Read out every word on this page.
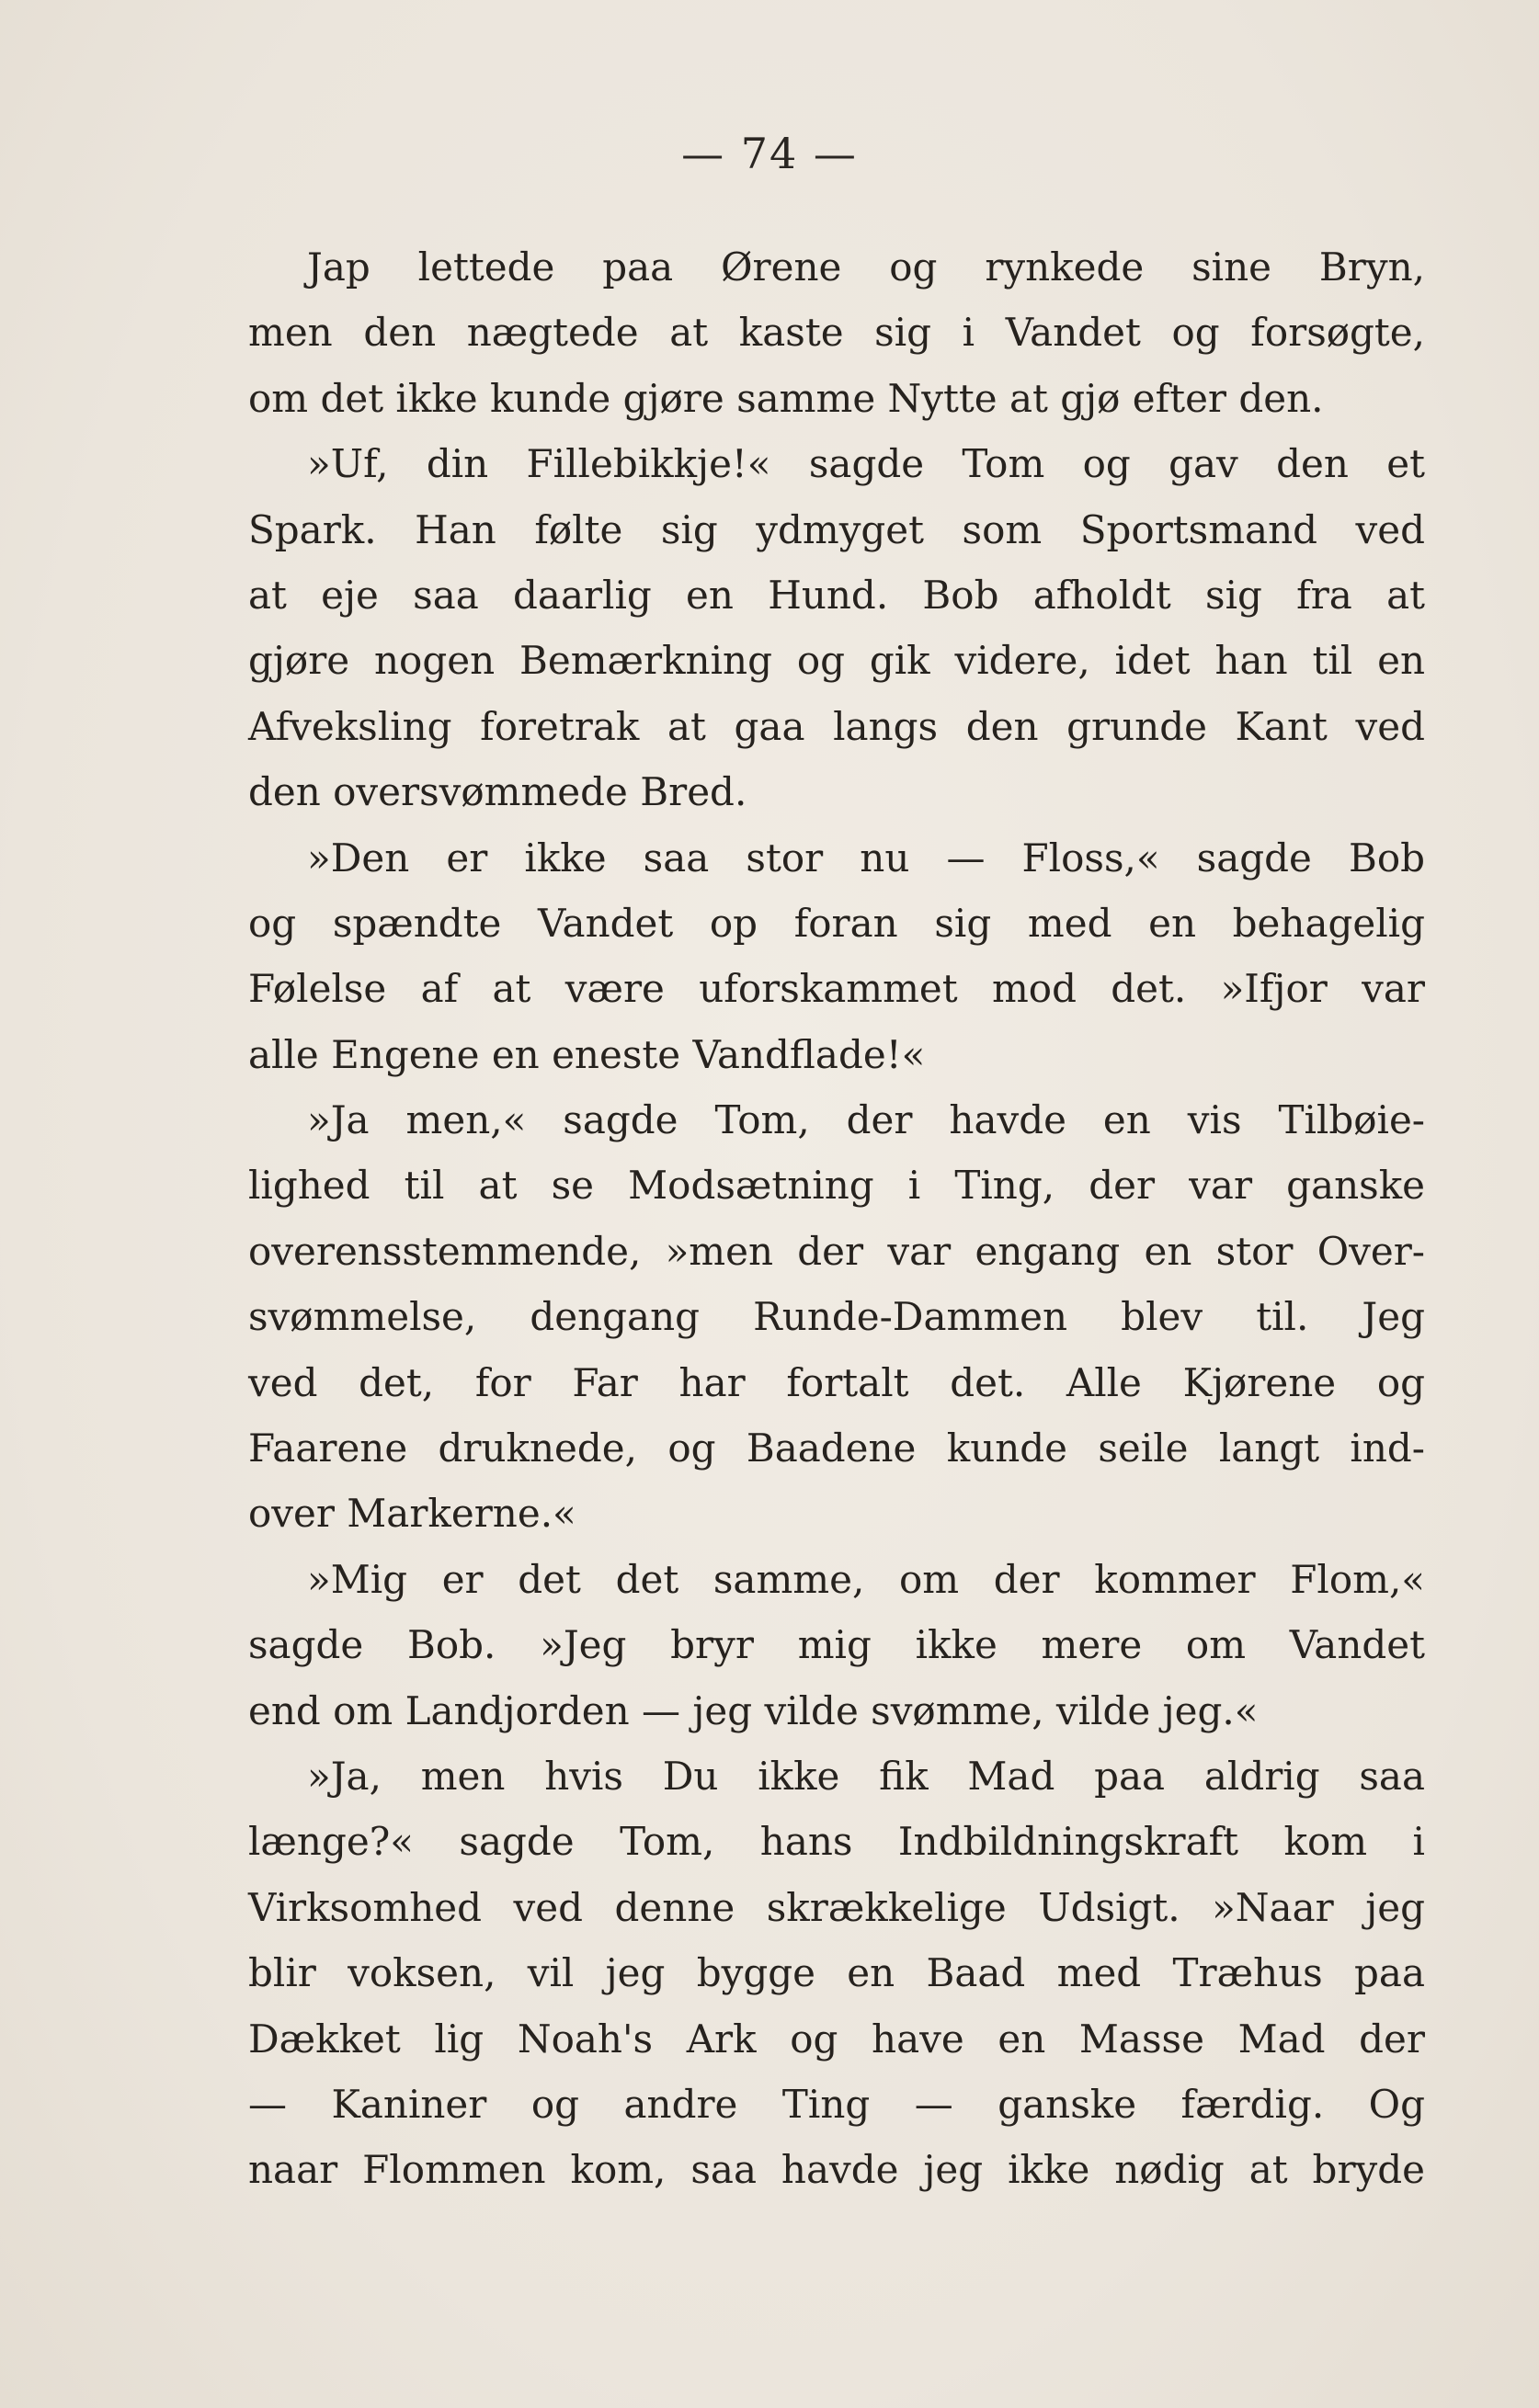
— 74 —
Jap lettede paa Ørene og rynkede sine Bryn,
men den nægtede at kaste sig i Vandet og forsøgte,
om det ikke kunde gjøre samme Nytte at gjø efter den.
»Uf, din Fillebikkje!« sagde Tom og gav den et
Spark. Han følte sig ydmyget som Sportsmand ved
at eje saa daarlig en Hund. Bob afholdt sig fra at
gjøre nogen Bemærkning og gik videre, idet han til en
Afveksling foretrak at gaa langs den grunde Kant ved
den oversvømmede Bred.
»Den er ikke saa stor nu — Floss,« sagde Bob
og spændte Vandet op foran sig med en behagelig
Følelse af at være uforskammet mod det. »Ifjor var
alle Engene en eneste Vandflade!«
»Ja men,« sagde Tom, der havde en vis Tilbøie-
lighed til at se Modsætning i Ting, der var ganske
overensstemmende, »men der var engang en stor Over-
svømmelse, dengang Runde-Dammen blev til. Jeg
ved det, for Far har fortalt det. Alle Kjørene og
Faarene druknede, og Baadene kunde seile langt ind-
over Markerne.«
»Mig er det det samme, om der kommer Flom,«
sagde Bob. »Jeg bryr mig ikke mere om Vandet
end om Landjorden — jeg vilde svømme, vilde jeg.«
»Ja, men hvis Du ikke fik Mad paa aldrig saa
længe?« sagde Tom, hans Indbildningskraft kom i
Virksomhed ved denne skrækkelige Udsigt. »Naar jeg
blir voksen, vil jeg bygge en Baad med Træhus paa
Dækket lig Noah's Ark og have en Masse Mad der
— Kaniner og andre Ting — ganske færdig. Og
naar Flommen kom, saa havde jeg ikke nødig at bryde
